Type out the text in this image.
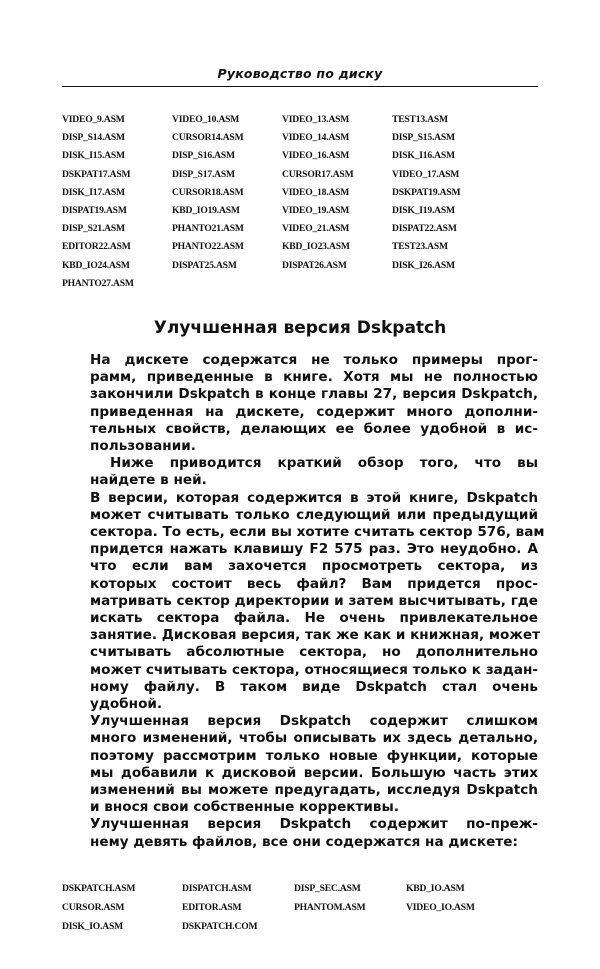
Руководство по диску
VIDEO_9.ASM	VIDEO_10.ASM	VIDEO_13.ASM	TEST13.ASM
DISP_S14.ASM	CURSOR14.ASM	VIDEO_14.ASM	DISP_S15.ASM
DISK_I15.ASM	DISP_S16.ASM	VIDEO_16.ASM	DISK_I16.ASM
DSKPAT17.ASM	DISP_S17.ASM	CURSOR17.ASM	VIDEO_17.ASM
DISK_I17.ASM	CURSOR18.ASM	VIDEO_18.ASM	DSKPAT19.ASM
DISPAT19.ASM	KBD_IO19.ASM	VIDEO_19.ASM	DISK_I19.ASM
DISP_S21.ASM	PHANTO21.ASM	VIDEO_21.ASM	DISPAT22.ASM
EDITOR22.ASM	PHANTO22.ASM	KBD_IO23.ASM	TEST23.ASM
KBD_IO24.ASM	DISPAT25.ASM	DISPAT26.ASM	DISK_I26.ASM
PHANTO27.ASM
Улучшенная версия Dskpatch

На дискете содержатся не только примеры прог-
рамм, приведенные в книге. Хотя мы не полностью
закончили Dskpatch в конце главы 27, версия Dskpatch,
приведенная на дискете, содержит много дополни-
тельных свойств, делающих ее более удобной в ис-
пользовании.

Ниже приводится краткий обзор того, что вы
найдете в ней.

В версии, которая содержится в этой книге, Dskpatch
может считывать только следующий или предыдущий
сектора. То есть, если вы хотите считать сектор 576, вам
придется нажать клавишу F2 575 раз. Это неудобно. А
что если вам захочется просмотреть сектора, из
которых состоит весь файл? Вам придется прос-
матривать сектор директории и затем высчитывать, где
искать сектора файла. Не очень привлекательное
занятие. Дисковая версия, так же как и книжная, может
считывать абсолютные сектора, но дополнительно
может считывать сектора, относящиеся только к задан-
ному файлу. В таком виде Dskpatch стал очень
удобной.

Улучшенная версия Dskpatch содержит слишком
много изменений, чтобы описывать их здесь детально,
поэтому рассмотрим только новые функции, которые
мы добавили к дисковой версии. Большую часть этих
изменений вы можете предугадать, исследуя Dskpatch
и внося свои собственные коррективы.

Улучшенная версия Dskpatch содержит по-преж-
нему девять файлов, все они содержатся на дискете:

DSKPATCH.ASM	DISPATCH.ASM	DISP_SEC.ASM	KBD_IO.ASM
CURSOR.ASM	EDITOR.ASM	PHANTOM.ASM	VIDEO_IO.ASM
DISK_IO.ASM	DSKPATCH.COM
